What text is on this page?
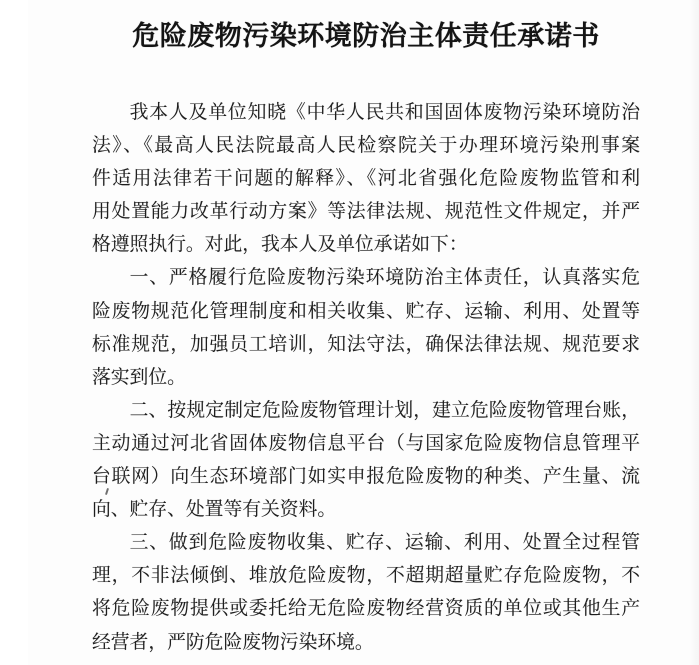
危险废物污染环境防治主体责任承诺书
我本人及单位知晓《中华人民共和国固体废物污染环境防治
法》、《最高人民法院最高人民检察院关于办理环境污染刑事案
件适用法律若干问题的解释》、《河北省强化危险废物监管和利
用处置能力改革行动方案》等法律法规、规范性文件规定，并严
格遵照执行。对此，我本人及单位承诺如下：
一、严格履行危险废物污染环境防治主体责任，认真落实危
险废物规范化管理制度和相关收集、贮存、运输、利用、处置等
标准规范，加强员工培训，知法守法，确保法律法规、规范要求
落实到位。
二、按规定制定危险废物管理计划，建立危险废物管理台账，
主动通过河北省固体废物信息平台（与国家危险废物信息管理平
台联网）向生态环境部门如实申报危险废物的种类、产生量、流
向、贮存、处置等有关资料。
三、做到危险废物收集、贮存、运输、利用、处置全过程管
理，不非法倾倒、堆放危险废物，不超期超量贮存危险废物，不
将危险废物提供或委托给无危险废物经营资质的单位或其他生产
经营者，严防危险废物污染环境。
